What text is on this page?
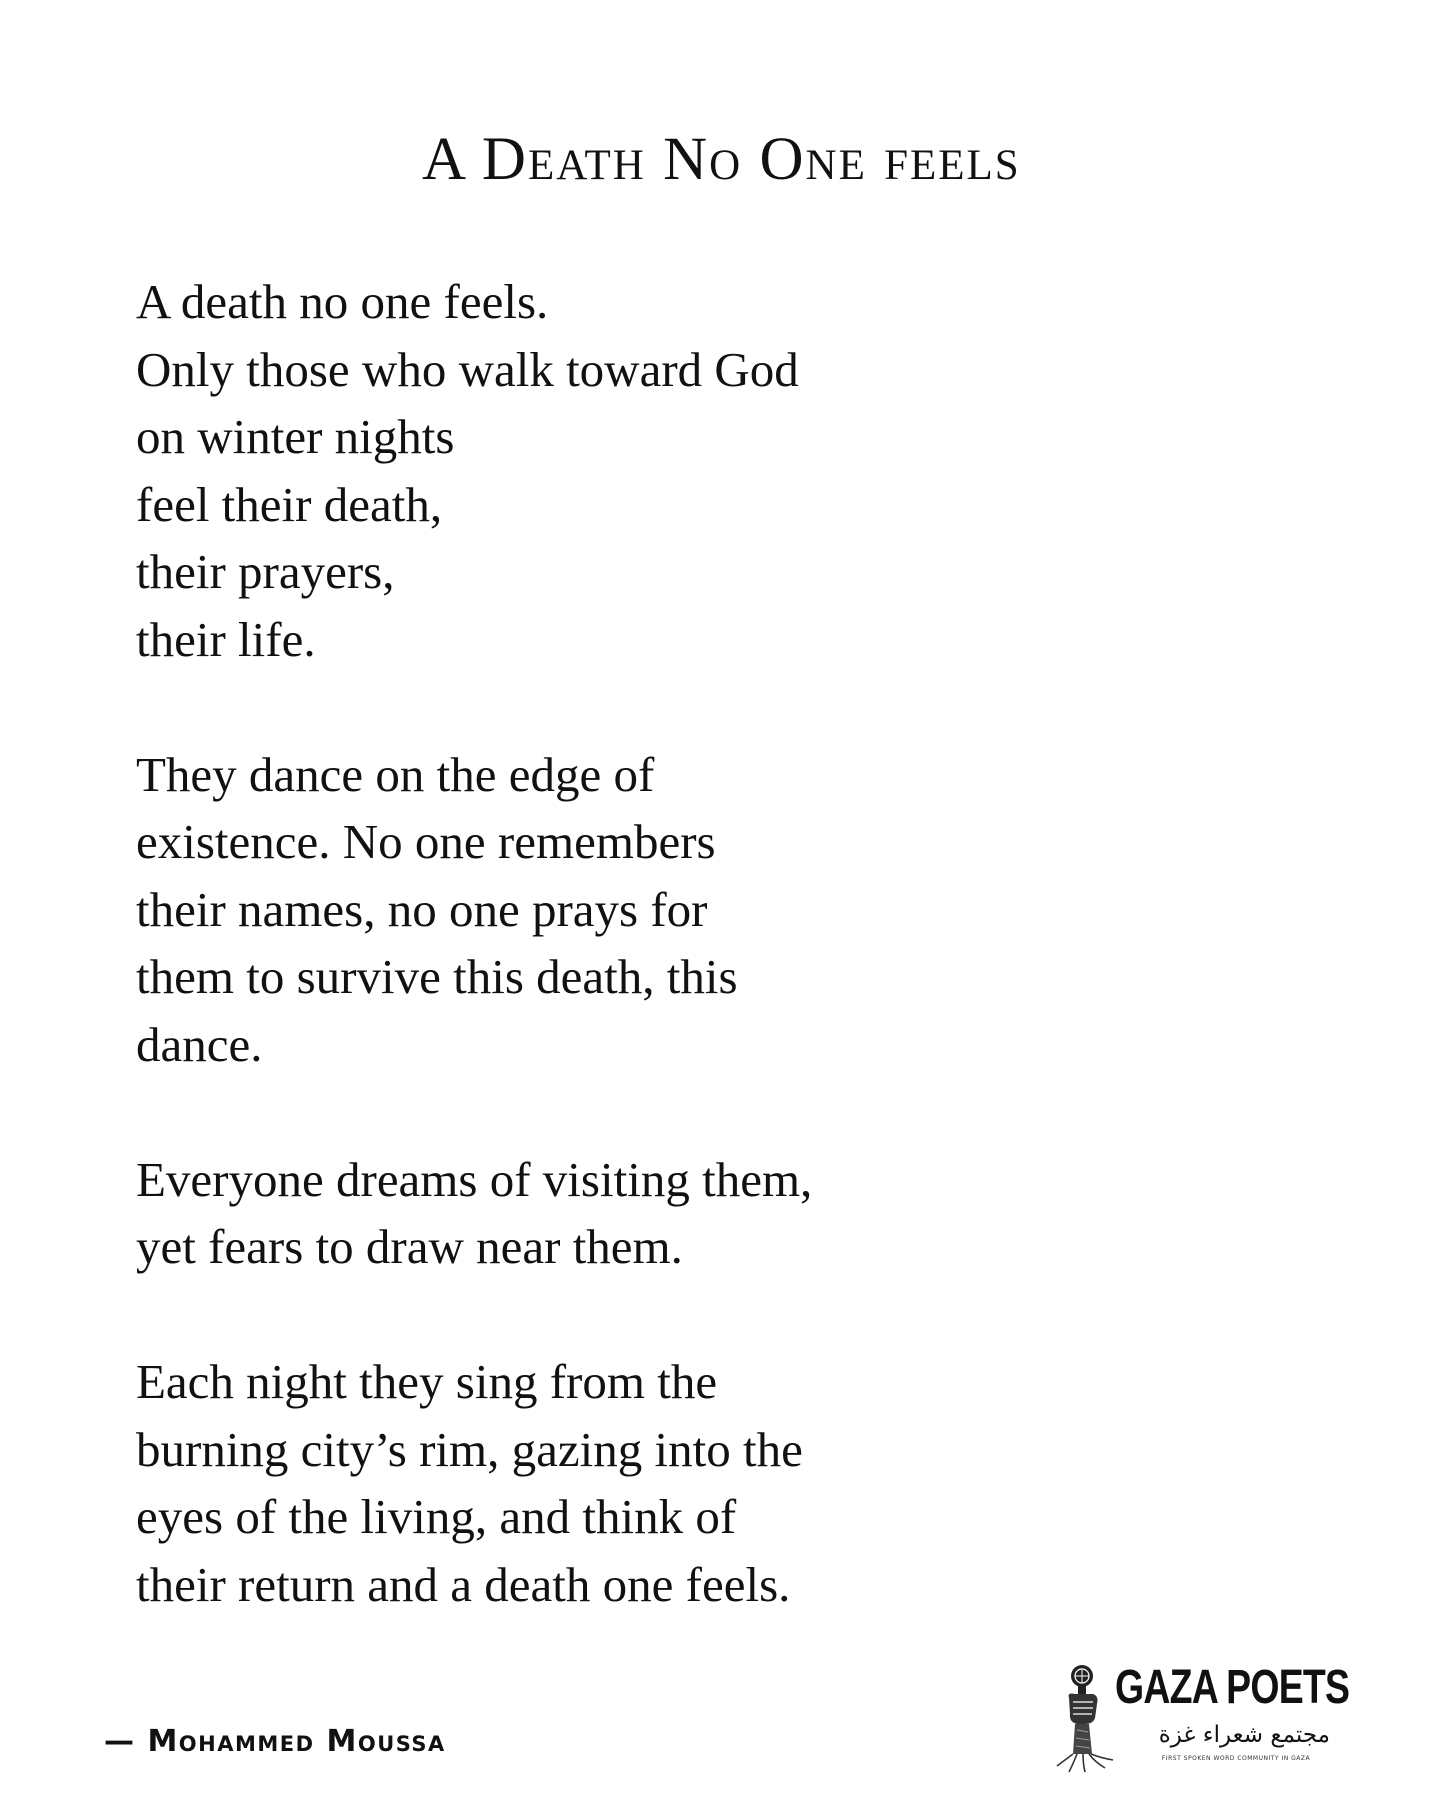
A Death No One feels

A death no one feels.
Only those who walk toward God
on winter nights
feel their death,
their prayers,
their life.

They dance on the edge of
existence. No one remembers
their names, no one prays for
them to survive this death, this
dance.

Everyone dreams of visiting them,
yet fears to draw near them.

Each night they sing from the
burning city’s rim, gazing into the
eyes of the living, and think of
their return and a death one feels.

— Mohammed Moussa
GAZA POETS
مجتمع شعراء غزة
FIRST SPOKEN WORD COMMUNITY IN GAZA
